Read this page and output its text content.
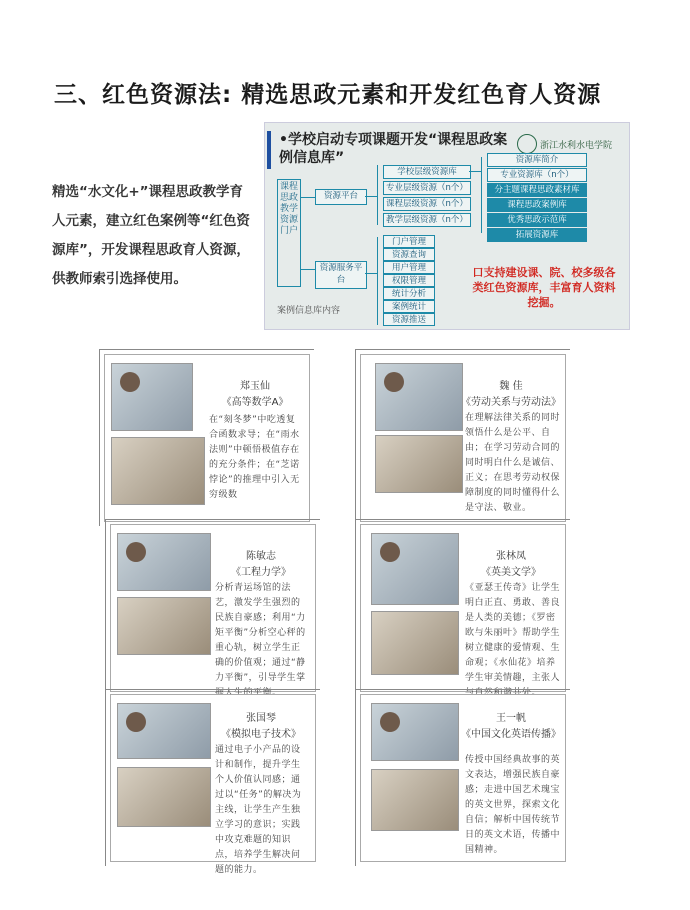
三、红色资源法: 精选思政元素和开发红色育人资源
精选“水文化+”课程思政教学育人元素，建立红色案例等“红色资源库”，开发课程思政育人资源，供教师索引选择使用。
•学校启动专项课题开发“课程思政案例信息库”
浙江水利水电学院
课程思政教学资源门户
资源平台
资源服务平台
学校层级资源库
专业层级资源（n个）
课程层级资源（n个）
教学层级资源（n个）
资源库简介
专业资源库（n个）
分主题课程思政素材库
课程思政案例库
优秀思政示范库
拓展资源库
门户管理
资源查询
用户管理
权限管理
统计分析
案例统计
资源推送
案例信息库内容
口支持建设课、院、校多级各类红色资源库，丰富育人资料挖掘。
郑玉仙
《高等数学A》
在“刻冬梦”中吃透复合函数求导；在“雨水法则”中顿悟极值存在的充分条件；在“芝诺悖论”的推理中引入无穷级数
魏 佳
《劳动关系与劳动法》
在理解法律关系的同时领悟什么是公平、自由；在学习劳动合同的同时明白什么是诚信、正义；在思考劳动权保障制度的同时懂得什么是守法、敬业。
陈敏志
《工程力学》
分析青运场馆的法艺，激发学生强烈的民族自豪感；利用“力矩平衡”分析空心秤的重心轨，树立学生正确的价值观；通过“静力平衡”，引导学生掌
张林凤
《英美文学》
《亚瑟王传奇》让学生明白正直、勇敢、善良是人类的美德；《罗密欧与朱丽叶》帮助学生树立健康的爱情观、生命观；《水仙花》培养学生审美情趣，主张人
张国琴
《模拟电子技术》
通过电子小产品的设计和制作，提升学生个人价值认同感；通过以“任务”的解决为主线，让学生产生独立学习的意识；实践中攻克难题的知识点，培养学生解决问题的能力。
王一帆
《中国文化英语传播》
传授中国经典故事的英文表达，增强民族自豪感；走进中国艺术瑰宝的英文世界，探索文化自信；解析中国传统节日的英文术语，传播中国精神。
